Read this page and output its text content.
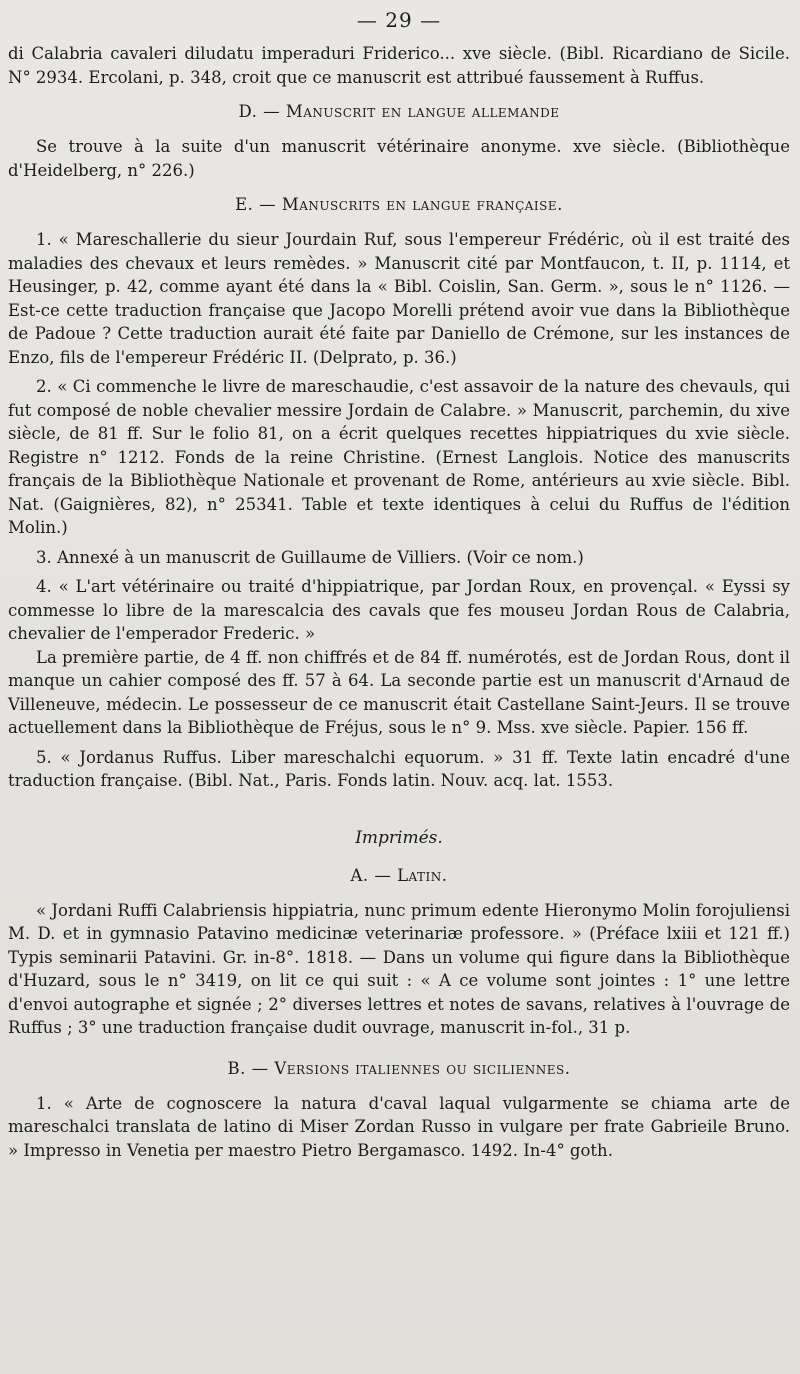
— 29 —

di Calabria cavaleri diludatu imperaduri Friderico... xve siècle. (Bibl. Ricardiano de Sicile. N° 2934. Ercolani, p. 348, croit que ce manuscrit est attribué faussement à Ruffus.

D. — Manuscrit en langue allemande

Se trouve à la suite d'un manuscrit vétérinaire anonyme. xve siècle. (Bibliothèque d'Heidelberg, n° 226.)

E. — Manuscrits en langue française.

1. « Mareschallerie du sieur Jourdain Ruf, sous l'empereur Frédéric, où il est traité des maladies des chevaux et leurs remèdes. » Manuscrit cité par Montfaucon, t. II, p. 1114, et Heusinger, p. 42, comme ayant été dans la « Bibl. Coislin, San. Germ. », sous le n° 1126. — Est-ce cette traduction française que Jacopo Morelli prétend avoir vue dans la Bibliothèque de Padoue ? Cette traduction aurait été faite par Daniello de Crémone, sur les instances de Enzo, fils de l'empereur Frédéric II. (Delprato, p. 36.)

2. « Ci commenche le livre de mareschaudie, c'est assavoir de la nature des chevauls, qui fut composé de noble chevalier messire Jordain de Calabre. » Manuscrit, parchemin, du xive siècle, de 81 ff. Sur le folio 81, on a écrit quelques recettes hippiatriques du xvie siècle. Registre n° 1212. Fonds de la reine Christine. (Ernest Langlois. Notice des manuscrits français de la Bibliothèque Nationale et provenant de Rome, antérieurs au xvie siècle. Bibl. Nat. (Gaignières, 82), n° 25341. Table et texte identiques à celui du Ruffus de l'édition Molin.)

3. Annexé à un manuscrit de Guillaume de Villiers. (Voir ce nom.)

4. « L'art vétérinaire ou traité d'hippiatrique, par Jordan Roux, en provençal. « Eyssi sy commesse lo libre de la marescalcia des cavals que fes mouseu Jordan Rous de Calabria, chevalier de l'emperador Frederic. »

La première partie, de 4 ff. non chiffrés et de 84 ff. numérotés, est de Jordan Rous, dont il manque un cahier composé des ff. 57 à 64. La seconde partie est un manuscrit d'Arnaud de Villeneuve, médecin. Le possesseur de ce manuscrit était Castellane Saint-Jeurs. Il se trouve actuellement dans la Bibliothèque de Fréjus, sous le n° 9. Mss. xve siècle. Papier. 156 ff.

5. « Jordanus Ruffus. Liber mareschalchi equorum. » 31 ff. Texte latin encadré d'une traduction française. (Bibl. Nat., Paris. Fonds latin. Nouv. acq. lat. 1553.

Imprimés.
A. — Latin.

« Jordani Ruffi Calabriensis hippiatria, nunc primum edente Hieronymo Molin forojuliensi M. D. et in gymnasio Patavino medicinæ veterinariæ professore. » (Préface lxiii et 121 ff.) Typis seminarii Patavini. Gr. in-8°. 1818. — Dans un volume qui figure dans la Bibliothèque d'Huzard, sous le n° 3419, on lit ce qui suit : « A ce volume sont jointes : 1° une lettre d'envoi autographe et signée ; 2° diverses lettres et notes de savans, relatives à l'ouvrage de Ruffus ; 3° une traduction française dudit ouvrage, manuscrit in-fol., 31 p.

B. — Versions italiennes ou siciliennes.

1. « Arte de cognoscere la natura d'caval laqual vulgarmente se chiama arte de mareschalci translata de latino di Miser Zordan Russo in vulgare per frate Gabrieile Bruno. » Impresso in Venetia per maestro Pietro Bergamasco. 1492. In-4° goth.
